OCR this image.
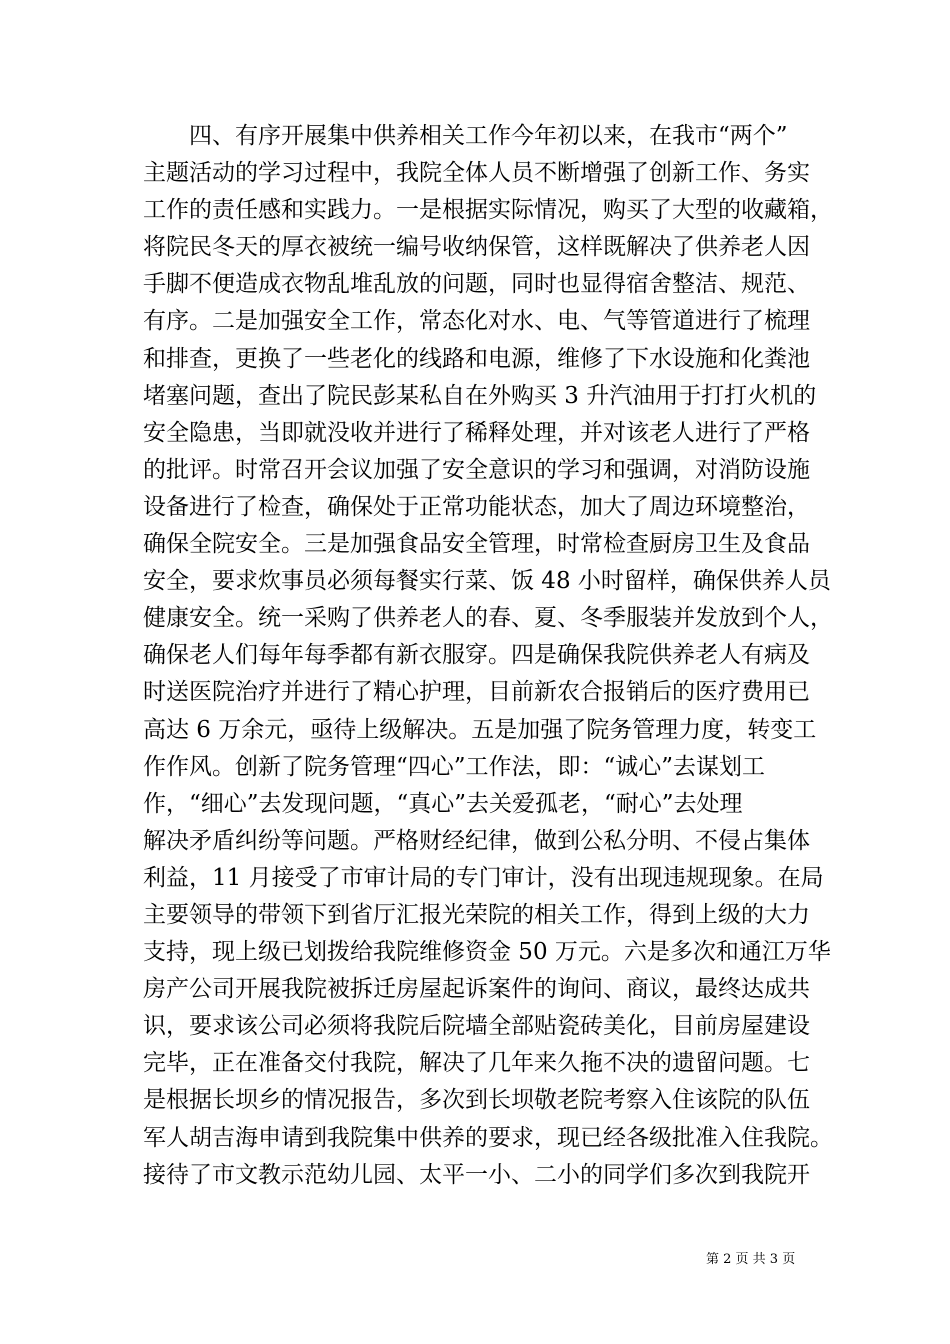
四、有序开展集中供养相关工作今年初以来，在我市“两个”
主题活动的学习过程中，我院全体人员不断增强了创新工作、务实
工作的责任感和实践力。一是根据实际情况，购买了大型的收藏箱，
将院民冬天的厚衣被统一编号收纳保管，这样既解决了供养老人因
手脚不便造成衣物乱堆乱放的问题，同时也显得宿舍整洁、规范、
有序。二是加强安全工作，常态化对水、电、气等管道进行了梳理
和排查，更换了一些老化的线路和电源，维修了下水设施和化粪池
堵塞问题，查出了院民彭某私自在外购买 3 升汽油用于打打火机的
安全隐患，当即就没收并进行了稀释处理，并对该老人进行了严格
的批评。时常召开会议加强了安全意识的学习和强调，对消防设施
设备进行了检查，确保处于正常功能状态，加大了周边环境整治，
确保全院安全。三是加强食品安全管理，时常检查厨房卫生及食品
安全，要求炊事员必须每餐实行菜、饭 48 小时留样，确保供养人员
健康安全。统一采购了供养老人的春、夏、冬季服装并发放到个人，
确保老人们每年每季都有新衣服穿。四是确保我院供养老人有病及
时送医院治疗并进行了精心护理，目前新农合报销后的医疗费用已
高达 6 万余元，亟待上级解决。五是加强了院务管理力度，转变工
作作风。创新了院务管理“四心”工作法，即：“诚心”去谋划工
作，“细心”去发现问题，“真心”去关爱孤老，“耐心”去处理
解决矛盾纠纷等问题。严格财经纪律，做到公私分明、不侵占集体
利益，11 月接受了市审计局的专门审计，没有出现违规现象。在局
主要领导的带领下到省厅汇报光荣院的相关工作，得到上级的大力
支持，现上级已划拨给我院维修资金 50 万元。六是多次和通江万华
房产公司开展我院被拆迁房屋起诉案件的询问、商议，最终达成共
识，要求该公司必须将我院后院墙全部贴瓷砖美化，目前房屋建设
完毕，正在准备交付我院，解决了几年来久拖不决的遗留问题。七
是根据长坝乡的情况报告，多次到长坝敬老院考察入住该院的队伍
军人胡吉海申请到我院集中供养的要求，现已经各级批准入住我院。
接待了市文教示范幼儿园、太平一小、二小的同学们多次到我院开
第 2 页 共 3 页
